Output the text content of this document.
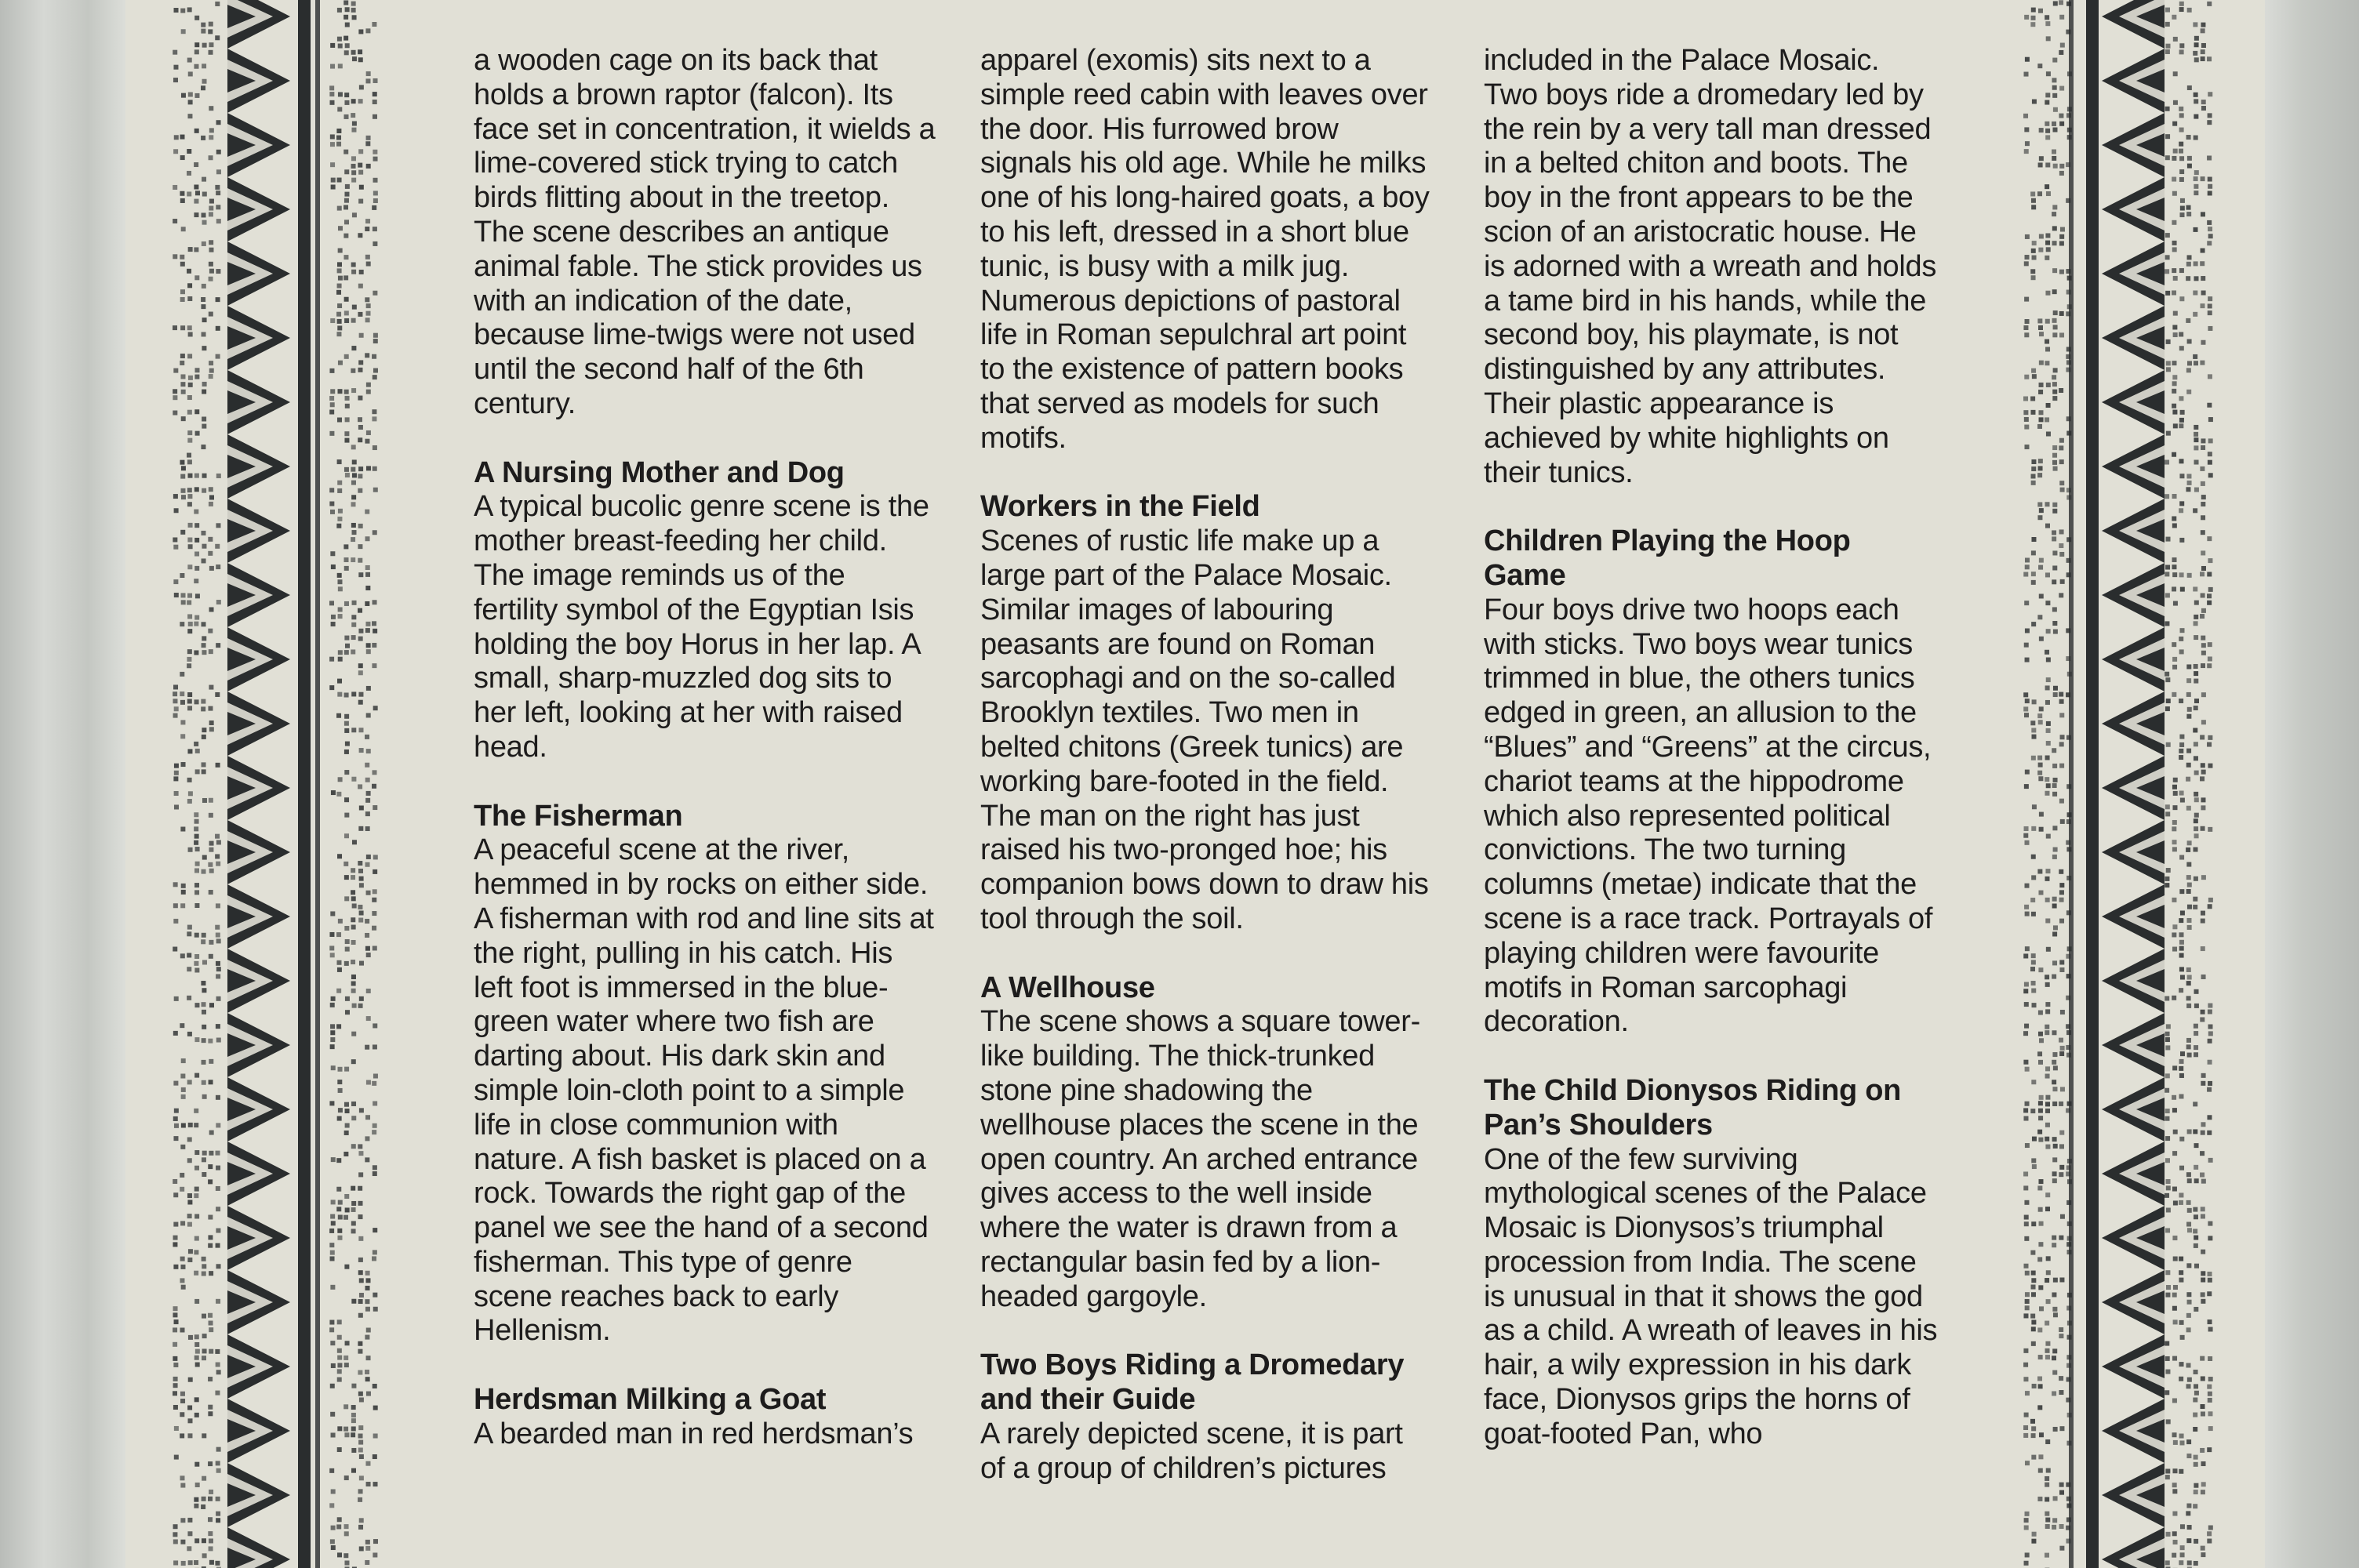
a wooden cage on its back that holds a brown raptor (falcon). Its face set in concentration, it wields a lime-covered stick trying to catch birds flitting about in the treetop. The scene describes an antique animal fable. The stick provides us with an indication of the date, because lime-twigs were not used until the second half of the 6th century.
A Nursing Mother and Dog
A typical bucolic genre scene is the mother breast-feeding her child. The image reminds us of the fertility symbol of the Egyptian Isis holding the boy Horus in her lap. A small, sharp-muzzled dog sits to her left, looking at her with raised head.
The Fisherman
A peaceful scene at the river, hemmed in by rocks on either side. A fisherman with rod and line sits at the right, pulling in his catch. His left foot is immersed in the blue-green water where two fish are darting about. His dark skin and simple loin-cloth point to a simple life in close communion with nature. A fish basket is placed on a rock. Towards the right gap of the panel we see the hand of a second fisherman. This type of genre scene reaches back to early Hellenism.
Herdsman Milking a Goat
A bearded man in red herdsman’s
apparel (exomis) sits next to a simple reed cabin with leaves over the door. His furrowed brow signals his old age. While he milks one of his long-haired goats, a boy to his left, dressed in a short blue tunic, is busy with a milk jug. Numerous depictions of pastoral life in Roman sepulchral art point to the existence of pattern books that served as models for such motifs.
Workers in the Field
Scenes of rustic life make up a large part of the Palace Mosaic. Similar images of labouring peasants are found on Roman sarcophagi and on the so-called Brooklyn textiles. Two men in belted chitons (Greek tunics) are working bare-footed in the field. The man on the right has just raised his two-pronged hoe; his companion bows down to draw his tool through the soil.
A Wellhouse
The scene shows a square tower-like building. The thick-trunked stone pine shadowing the wellhouse places the scene in the open country. An arched entrance gives access to the well inside where the water is drawn from a rectangular basin fed by a lion-headed gargoyle.
Two Boys Riding a Dromedary and their Guide
A rarely depicted scene, it is part of a group of children’s pictures
included in the Palace Mosaic. Two boys ride a dromedary led by the rein by a very tall man dressed in a belted chiton and boots. The boy in the front appears to be the scion of an aristocratic house. He is adorned with a wreath and holds a tame bird in his hands, while the second boy, his playmate, is not distinguished by any attributes. Their plastic appearance is achieved by white highlights on their tunics.
Children Playing the Hoop Game
Four boys drive two hoops each with sticks. Two boys wear tunics trimmed in blue, the others tunics edged in green, an allusion to the “Blues” and “Greens” at the circus, chariot teams at the hippodrome which also represented political convictions. The two turning columns (metae) indicate that the scene is a race track. Portrayals of playing children were favourite motifs in Roman sarcophagi decoration.
The Child Dionysos Riding on Pan’s Shoulders
One of the few surviving mythological scenes of the Palace Mosaic is Dionysos’s triumphal procession from India. The scene is unusual in that it shows the god as a child. A wreath of leaves in his hair, a wily expression in his dark face, Dionysos grips the horns of goat-footed Pan, who
